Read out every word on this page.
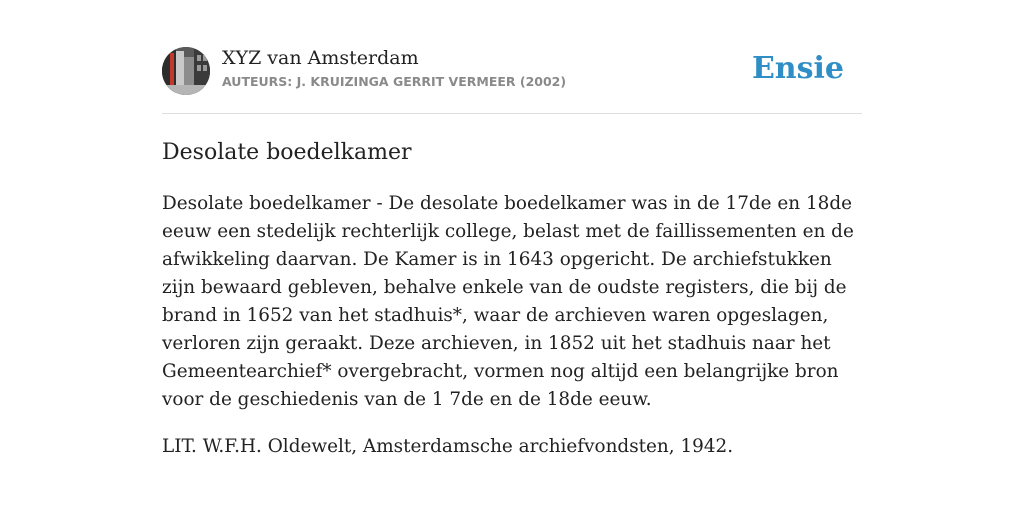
XYZ van Amsterdam
AUTEURS: J. KRUIZINGA GERRIT VERMEER (2002)	Ensie
Desolate boedelkamer

Desolate boedelkamer - De desolate boedelkamer was in de 17de en 18de eeuw een stedelijk rechterlijk college, belast met de faillissementen en de afwikkeling daarvan. De Kamer is in 1643 opgericht. De archiefstukken zijn bewaard gebleven, behalve enkele van de oudste registers, die bij de brand in 1652 van het stadhuis*, waar de archieven waren opgeslagen, verloren zijn geraakt. Deze archieven, in 1852 uit het stadhuis naar het Gemeentearchief* overgebracht, vormen nog altijd een belangrijke bron voor de geschiedenis van de 1 7de en de 18de eeuw.

LIT. W.F.H. Oldewelt, Amsterdamsche archiefvondsten, 1942.
